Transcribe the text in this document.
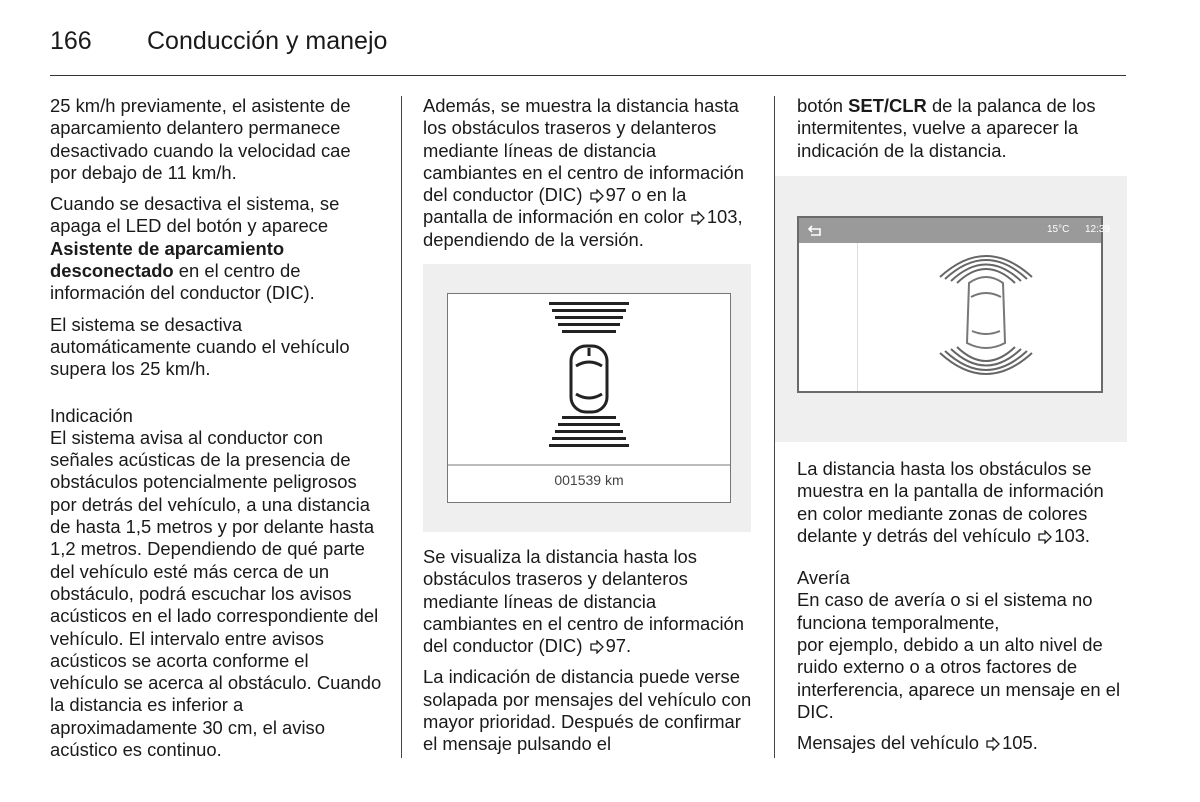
166 Conducción y manejo

25 km/h previamente, el asistente de aparcamiento delantero permanece desactivado cuando la velocidad cae por debajo de 11 km/h.

Cuando se desactiva el sistema, se apaga el LED del botón y aparece Asistente de aparcamiento desconectado en el centro de información del conductor (DIC).

El sistema se desactiva automáticamente cuando el vehículo supera los 25 km/h.

Indicación

El sistema avisa al conductor con señales acústicas de la presencia de obstáculos potencialmente peligrosos por detrás del vehículo, a una distancia de hasta 1,5 metros y por delante hasta 1,2 metros. Dependiendo de qué parte del vehículo esté más cerca de un obstáculo, podrá escuchar los avisos acústicos en el lado correspondiente del vehículo. El intervalo entre avisos acústicos se acorta conforme el vehículo se acerca al obstáculo. Cuando la distancia es inferior a aproximadamente 30 cm, el aviso acústico es continuo.

Además, se muestra la distancia hasta los obstáculos traseros y delanteros mediante líneas de distancia cambiantes en el centro de información del conductor (DIC) 97 o en la pantalla de información en color 103, dependiendo de la versión.

001539 km

Se visualiza la distancia hasta los obstáculos traseros y delanteros mediante líneas de distancia cambiantes en el centro de información del conductor (DIC) 97.

La indicación de distancia puede verse solapada por mensajes del vehículo con mayor prioridad. Después de confirmar el mensaje pulsando el

botón SET/CLR de la palanca de los intermitentes, vuelve a aparecer la indicación de la distancia.

15°C 12:39

La distancia hasta los obstáculos se muestra en la pantalla de información en color mediante zonas de colores delante y detrás del vehículo 103.

Avería

En caso de avería o si el sistema no funciona temporalmente,

por ejemplo, debido a un alto nivel de ruido externo o a otros factores de interferencia, aparece un mensaje en el DIC.

Mensajes del vehículo 105.
